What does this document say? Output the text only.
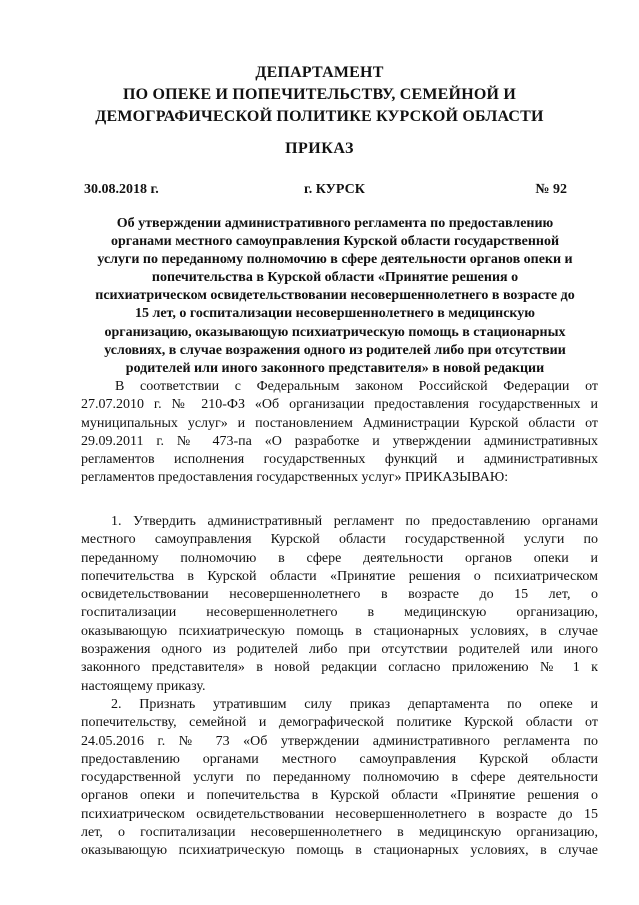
ДЕПАРТАМЕНТ
ПО ОПЕКЕ И ПОПЕЧИТЕЛЬСТВУ, СЕМЕЙНОЙ И
ДЕМОГРАФИЧЕСКОЙ ПОЛИТИКЕ КУРСКОЙ ОБЛАСТИ
ПРИКАЗ
30.08.2018 г.	г. КУРСК	№ 92
Об утверждении административного регламента по предоставлению
органами местного самоуправления Курской области государственной
услуги по переданному полномочию в сфере деятельности органов опеки и
попечительства в Курской области «Принятие решения о
психиатрическом освидетельствовании несовершеннолетнего в возрасте до
15 лет, о госпитализации несовершеннолетнего в медицинскую
организацию, оказывающую психиатрическую помощь в стационарных
условиях, в случае возражения одного из родителей либо при отсутствии
родителей или иного законного представителя» в новой редакции
В соответствии с Федеральным законом Российской Федерации от
27.07.2010 г. № 210-ФЗ «Об организации предоставления государственных и
муниципальных услуг» и постановлением Администрации Курской области от
29.09.2011 г. № 473-па «О разработке и утверждении административных
регламентов исполнения государственных функций и административных
регламентов предоставления государственных услуг» ПРИКАЗЫВАЮ:
1. Утвердить административный регламент по предоставлению органами
местного самоуправления Курской области государственной услуги по
переданному полномочию в сфере деятельности органов опеки и
попечительства в Курской области «Принятие решения о психиатрическом
освидетельствовании несовершеннолетнего в возрасте до 15 лет, о
госпитализации несовершеннолетнего в медицинскую организацию,
оказывающую психиатрическую помощь в стационарных условиях, в случае
возражения одного из родителей либо при отсутствии родителей или иного
законного представителя» в новой редакции согласно приложению № 1 к
настоящему приказу.
2. Признать утратившим силу приказ департамента по опеке и
попечительству, семейной и демографической политике Курской области от
24.05.2016 г. № 73 «Об утверждении административного регламента по
предоставлению органами местного самоуправления Курской области
государственной услуги по переданному полномочию в сфере деятельности
органов опеки и попечительства в Курской области «Принятие решения о
психиатрическом освидетельствовании несовершеннолетнего в возрасте до 15
лет, о госпитализации несовершеннолетнего в медицинскую организацию,
оказывающую психиатрическую помощь в стационарных условиях, в случае
